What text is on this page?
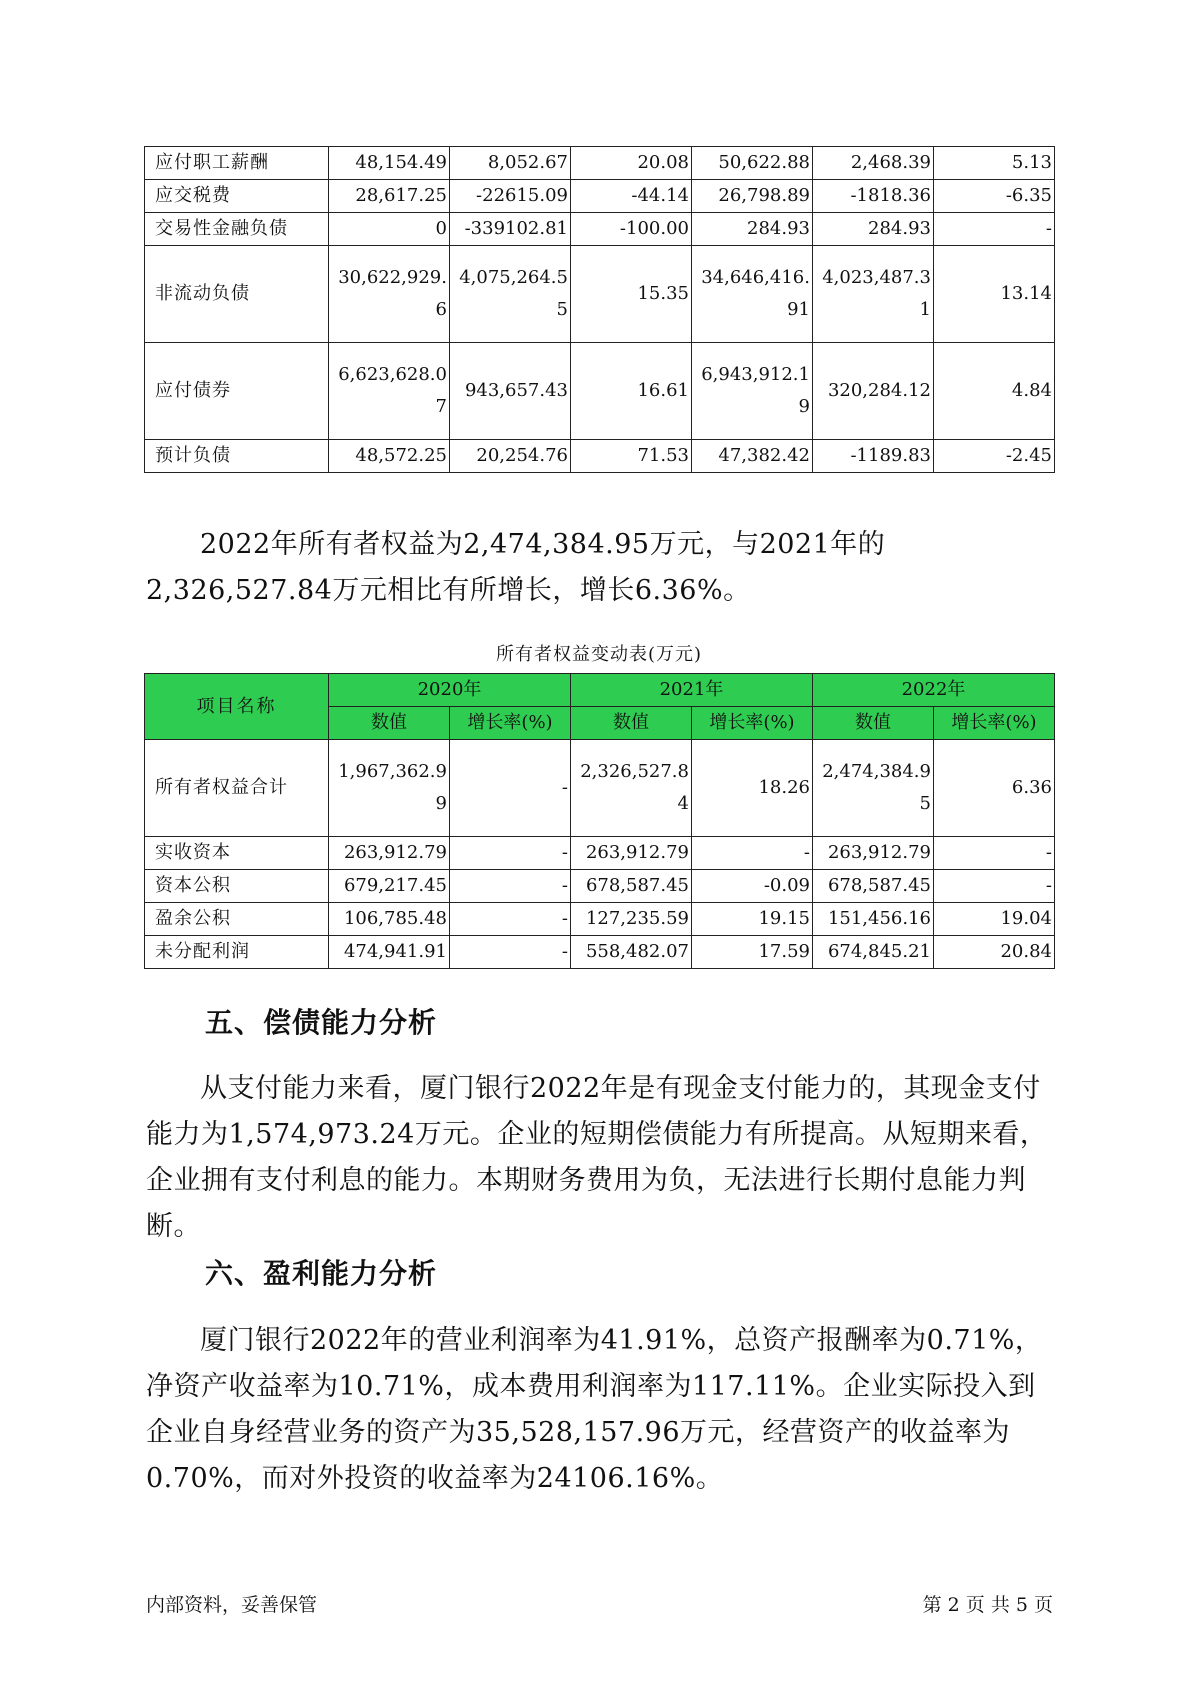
应付职工薪酬	48,154.49	8,052.67	20.08	50,622.88	2,468.39	5.13
应交税费	28,617.25	-22615.09	-44.14	26,798.89	-1818.36	-6.35
交易性金融负债	0	-339102.81	-100.00	284.93	284.93	-
非流动负债	30,622,929.6	4,075,264.55	15.35	34,646,416.91	4,023,487.31	13.14
应付债券	6,623,628.07	943,657.43	16.61	6,943,912.19	320,284.12	4.84
预计负债	48,572.25	20,254.76	71.53	47,382.42	-1189.83	-2.45

2022年所有者权益为2,474,384.95万元，与2021年的2,326,527.84万元相比有所增长，增长6.36%。

所有者权益变动表(万元)
项目名称	2020年		2021年		2022年	
	数值	增长率(%)	数值	增长率(%)	数值	增长率(%)
所有者权益合计	1,967,362.99	-	2,326,527.84	18.26	2,474,384.95	6.36
实收资本	263,912.79	-	263,912.79	-	263,912.79	-
资本公积	679,217.45	-	678,587.45	-0.09	678,587.45	-
盈余公积	106,785.48	-	127,235.59	19.15	151,456.16	19.04
未分配利润	474,941.91	-	558,482.07	17.59	674,845.21	20.84
五、偿债能力分析

从支付能力来看，厦门银行2022年是有现金支付能力的，其现金支付能力为1,574,973.24万元。企业的短期偿债能力有所提高。从短期来看，企业拥有支付利息的能力。本期财务费用为负，无法进行长期付息能力判断。

六、盈利能力分析

厦门银行2022年的营业利润率为41.91%，总资产报酬率为0.71%，净资产收益率为10.71%，成本费用利润率为117.11%。企业实际投入到企业自身经营业务的资产为35,528,157.96万元，经营资产的收益率为0.70%，而对外投资的收益率为24106.16%。

内部资料，妥善保管	第 2 页 共 5 页
